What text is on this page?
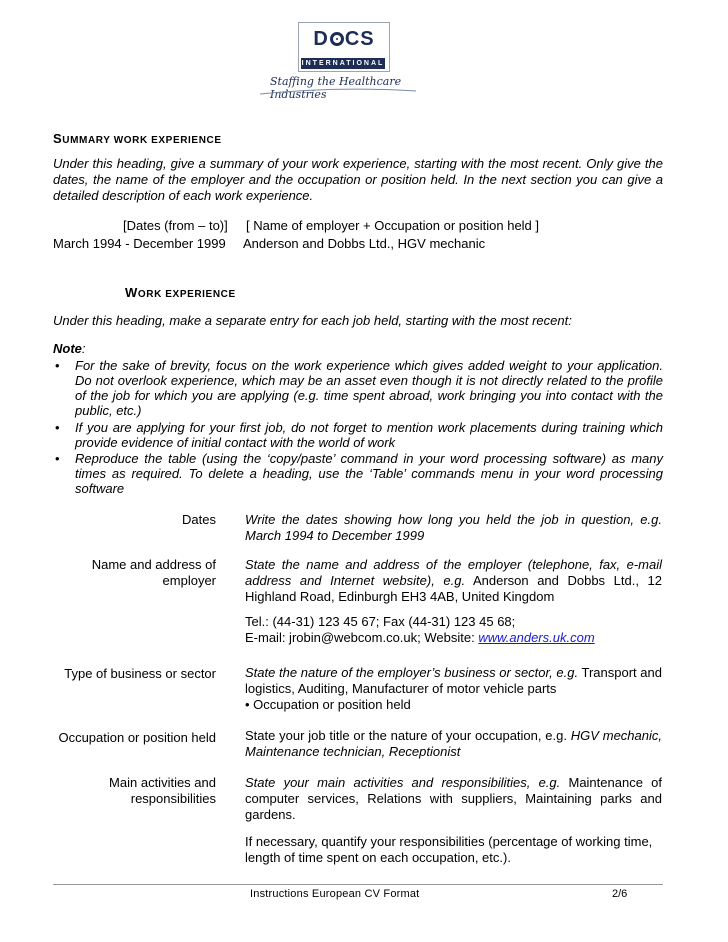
D CS
INTERNATIONAL
Staffing the Healthcare Industries
SUMMARY WORK EXPERIENCE
Under this heading, give a summary of your work experience, starting with the most recent. Only give the dates, the name of the employer and the occupation or position held. In the next section you can give a detailed description of each work experience.
[Dates (from – to)] [ Name of employer + Occupation or position held ]
March 1994 - December 1999 Anderson and Dobbs Ltd., HGV mechanic
WORK EXPERIENCE
Under this heading, make a separate entry for each job held, starting with the most recent:
Note:
• For the sake of brevity, focus on the work experience which gives added weight to your application. Do not overlook experience, which may be an asset even though it is not directly related to the profile of the job for which you are applying (e.g. time spent abroad, work bringing you into contact with the public, etc.)
• If you are applying for your first job, do not forget to mention work placements during training which provide evidence of initial contact with the world of work
• Reproduce the table (using the ‘copy/paste’ command in your word processing software) as many times as required. To delete a heading, use the ‘Table’ commands menu in your word processing software
Dates Write the dates showing how long you held the job in question, e.g. March 1994 to December 1999
Name and address of
employer
State the name and address of the employer (telephone, fax, e-mail address and Internet website), e.g. Anderson and Dobbs Ltd., 12 Highland Road, Edinburgh EH3 4AB, United Kingdom
Tel.: (44-31) 123 45 67; Fax (44-31) 123 45 68;
E-mail: jrobin@webcom.co.uk; Website: www.anders.uk.com
Type of business or sector State the nature of the employer’s business or sector, e.g. Transport and logistics, Auditing, Manufacturer of motor vehicle parts
• Occupation or position held
Occupation or position held State your job title or the nature of your occupation, e.g. HGV mechanic, Maintenance technician, Receptionist
Main activities and
responsibilities
State your main activities and responsibilities, e.g. Maintenance of computer services, Relations with suppliers, Maintaining parks and gardens.
If necessary, quantify your responsibilities (percentage of working time, length of time spent on each occupation, etc.).
Instructions European CV Format	2/6
